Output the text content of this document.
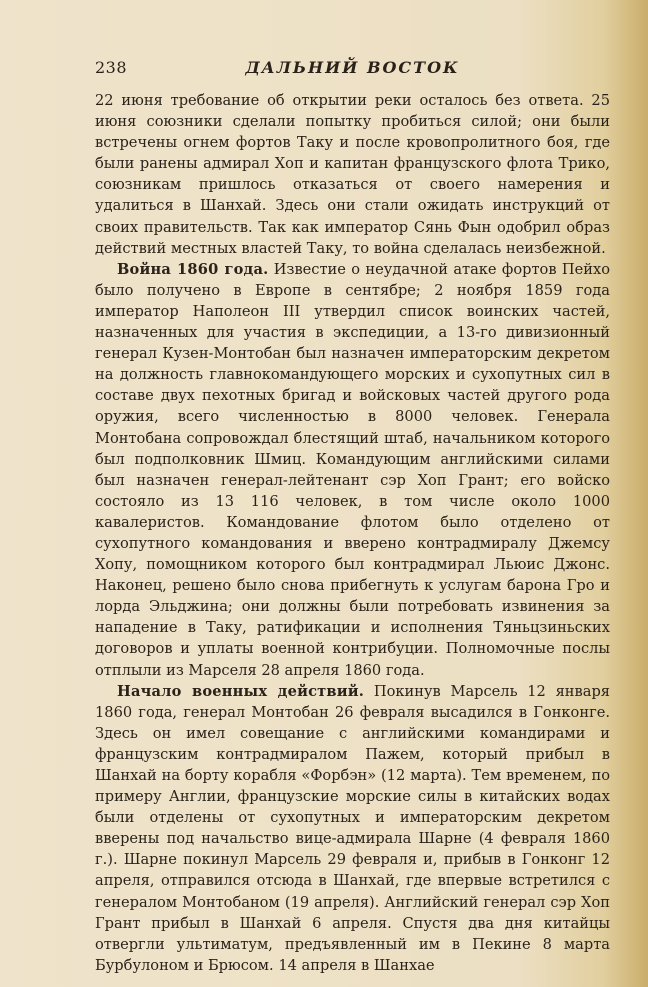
238	ДАЛЬНИЙ ВОСТОК

22 июня требование об открытии реки осталось без ответа. 25 июня союзники сделали попытку пробиться силой; они были встречены огнем фортов Таку и после кровопролитного боя, где были ранены адмирал Хоп и капитан французского флота Трико, союзникам пришлось отказаться от своего намерения и удалиться в Шанхай. Здесь они стали ожидать инструкций от своих правительств. Так как император Сянь Фын одобрил образ действий местных властей Таку, то война сделалась неизбежной.

Война 1860 года. Известие о неудачной атаке фортов Пейхо было получено в Европе в сентябре; 2 ноября 1859 года император Наполеон III утвердил список воинских частей, назначенных для участия в экспедиции, а 13-го дивизионный генерал Кузен-Монтобан был назначен императорским декретом на должность главнокомандующего морских и сухопутных сил в составе двух пехотных бригад и войсковых частей другого рода оружия, всего численностью в 8000 человек. Генерала Монтобана сопровождал блестящий штаб, начальником которого был подполковник Шмиц. Командующим английскими силами был назначен генерал-лейтенант сэр Хоп Грант; его войско состояло из 13 116 человек, в том числе около 1000 кавалеристов. Командование флотом было отделено от сухопутного командования и вверено контрадмиралу Джемсу Хопу, помощником которого был контрадмирал Льюис Джонс. Наконец, решено было снова прибегнуть к услугам барона Гро и лорда Эльджина; они должны были потребовать извинения за нападение в Таку, ратификации и исполнения Тяньцзиньских договоров и уплаты военной контрибуции. Полномочные послы отплыли из Марселя 28 апреля 1860 года.

Начало военных действий. Покинув Марсель 12 января 1860 года, генерал Монтобан 26 февраля высадился в Гонконге. Здесь он имел совещание с английскими командирами и французским контрадмиралом Пажем, который прибыл в Шанхай на борту корабля «Форбэн» (12 марта). Тем временем, по примеру Англии, французские морские силы в китайских водах были отделены от сухопутных и императорским декретом вверены под начальство вице-адмирала Шарне (4 февраля 1860 г.). Шарне покинул Марсель 29 февраля и, прибыв в Гонконг 12 апреля, отправился отсюда в Шанхай, где впервые встретился с генералом Монтобаном (19 апреля). Английский генерал сэр Хоп Грант прибыл в Шанхай 6 апреля. Спустя два дня китайцы отвергли ультиматум, предъявленный им в Пекине 8 марта Бурбулоном и Брюсом. 14 апреля в Шанхае
